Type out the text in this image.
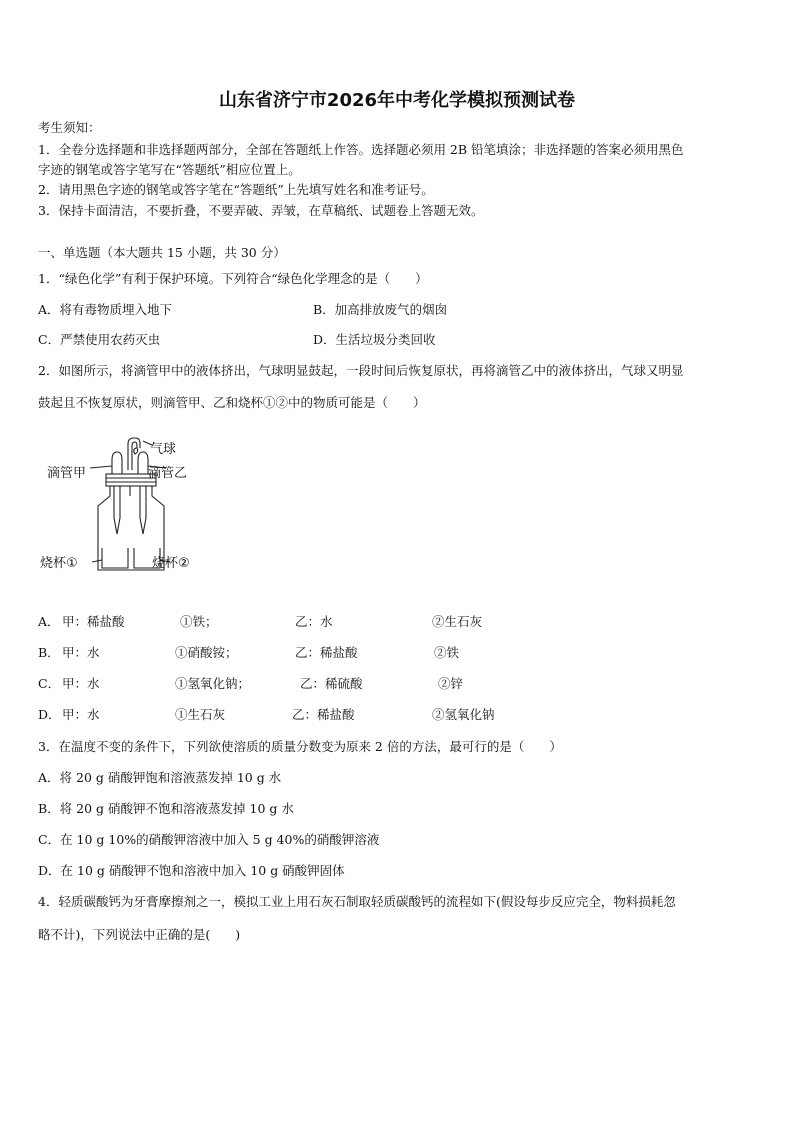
山东省济宁市2026年中考化学模拟预测试卷
考生须知：
1．全卷分选择题和非选择题两部分，全部在答题纸上作答。选择题必须用 2B 铅笔填涂；非选择题的答案必须用黑色
字迹的钢笔或答字笔写在“答题纸”相应位置上。
2．请用黑色字迹的钢笔或答字笔在“答题纸”上先填写姓名和准考证号。
3．保持卡面清洁，不要折叠，不要弄破、弄皱，在草稿纸、试题卷上答题无效。
一、单选题（本大题共 15 小题，共 30 分）
1．“绿色化学”有利于保护环境。下列符合“绿色化学理念的是（　　）
A．将有毒物质埋入地下	B．加高排放废气的烟囱
C．严禁使用农药灭虫	D．生活垃圾分类回收
2．如图所示，将滴管甲中的液体挤出，气球明显鼓起，一段时间后恢复原状，再将滴管乙中的液体挤出，气球又明显
鼓起且不恢复原状，则滴管甲、乙和烧杯①②中的物质可能是（　　）
气球
滴管甲	滴管乙
烧杯①	烧杯②
A． 甲：稀盐酸	①铁；	乙：水	②生石灰
B． 甲：水	①硝酸铵；	乙：稀盐酸	②铁
C． 甲：水	①氢氧化钠；	乙：稀硫酸	②锌
D． 甲：水	①生石灰	乙：稀盐酸	②氢氧化钠
3．在温度不变的条件下，下列欲使溶质的质量分数变为原来 2 倍的方法，最可行的是（　　）
A．将 20 g 硝酸钾饱和溶液蒸发掉 10 g 水
B．将 20 g 硝酸钾不饱和溶液蒸发掉 10 g 水
C．在 10 g 10%的硝酸钾溶液中加入 5 g 40%的硝酸钾溶液
D．在 10 g 硝酸钾不饱和溶液中加入 10 g 硝酸钾固体
4．轻质碳酸钙为牙膏摩擦剂之一，模拟工业上用石灰石制取轻质碳酸钙的流程如下(假设每步反应完全，物料损耗忽
略不计)，下列说法中正确的是(　　)
